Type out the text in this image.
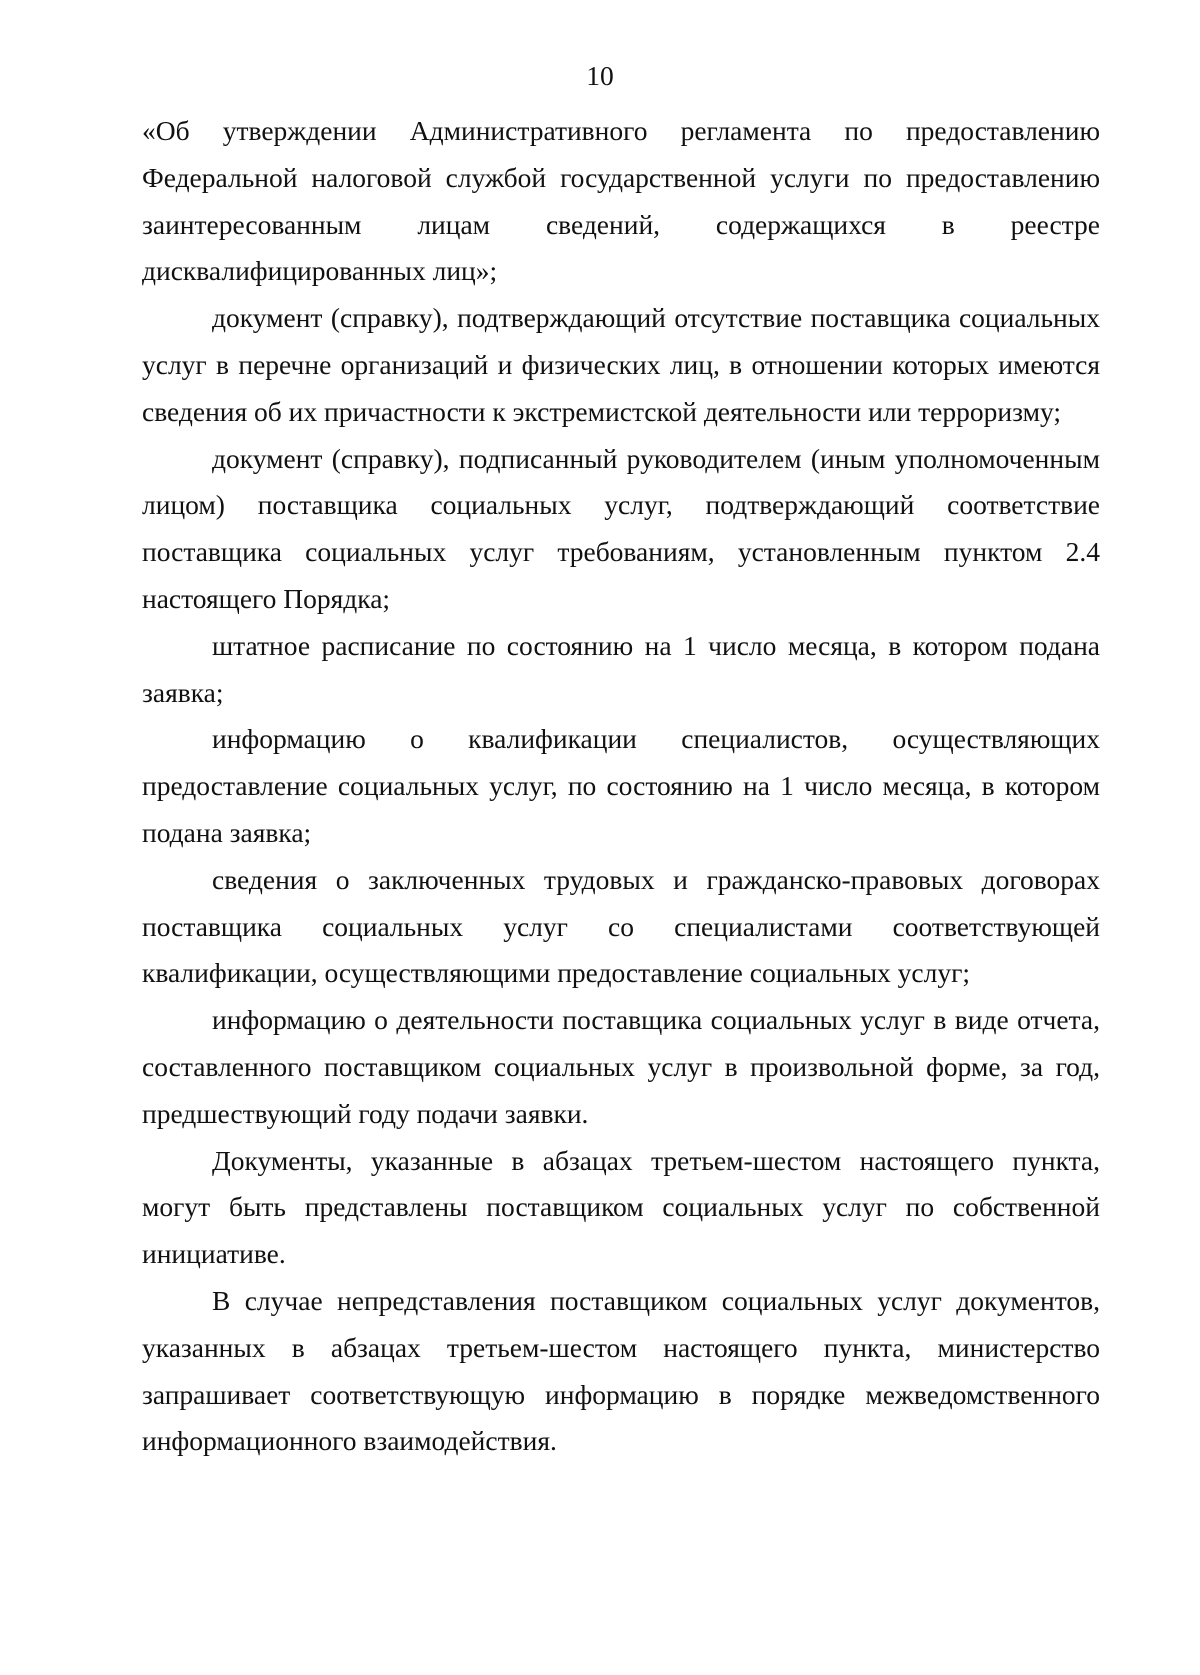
10

«Об утверждении Административного регламента по предоставлению Федеральной налоговой службой государственной услуги по предоставлению заинтересованным лицам сведений, содержащихся в реестре дисквалифицированных лиц»;

документ (справку), подтверждающий отсутствие поставщика социальных услуг в перечне организаций и физических лиц, в отношении которых имеются сведения об их причастности к экстремистской деятельности или терроризму;

документ (справку), подписанный руководителем (иным уполномоченным лицом) поставщика социальных услуг, подтверждающий соответствие поставщика социальных услуг требованиям, установленным пунктом 2.4 настоящего Порядка;

штатное расписание по состоянию на 1 число месяца, в котором подана заявка;

информацию о квалификации специалистов, осуществляющих предоставление социальных услуг, по состоянию на 1 число месяца, в котором подана заявка;

сведения о заключенных трудовых и гражданско-правовых договорах поставщика социальных услуг со специалистами соответствующей квалификации, осуществляющими предоставление социальных услуг;

информацию о деятельности поставщика социальных услуг в виде отчета, составленного поставщиком социальных услуг в произвольной форме, за год, предшествующий году подачи заявки.

Документы, указанные в абзацах третьем-шестом настоящего пункта, могут быть представлены поставщиком социальных услуг по собственной инициативе.

В случае непредставления поставщиком социальных услуг документов, указанных в абзацах третьем-шестом настоящего пункта, министерство запрашивает соответствующую информацию в порядке межведомственного информационного взаимодействия.
